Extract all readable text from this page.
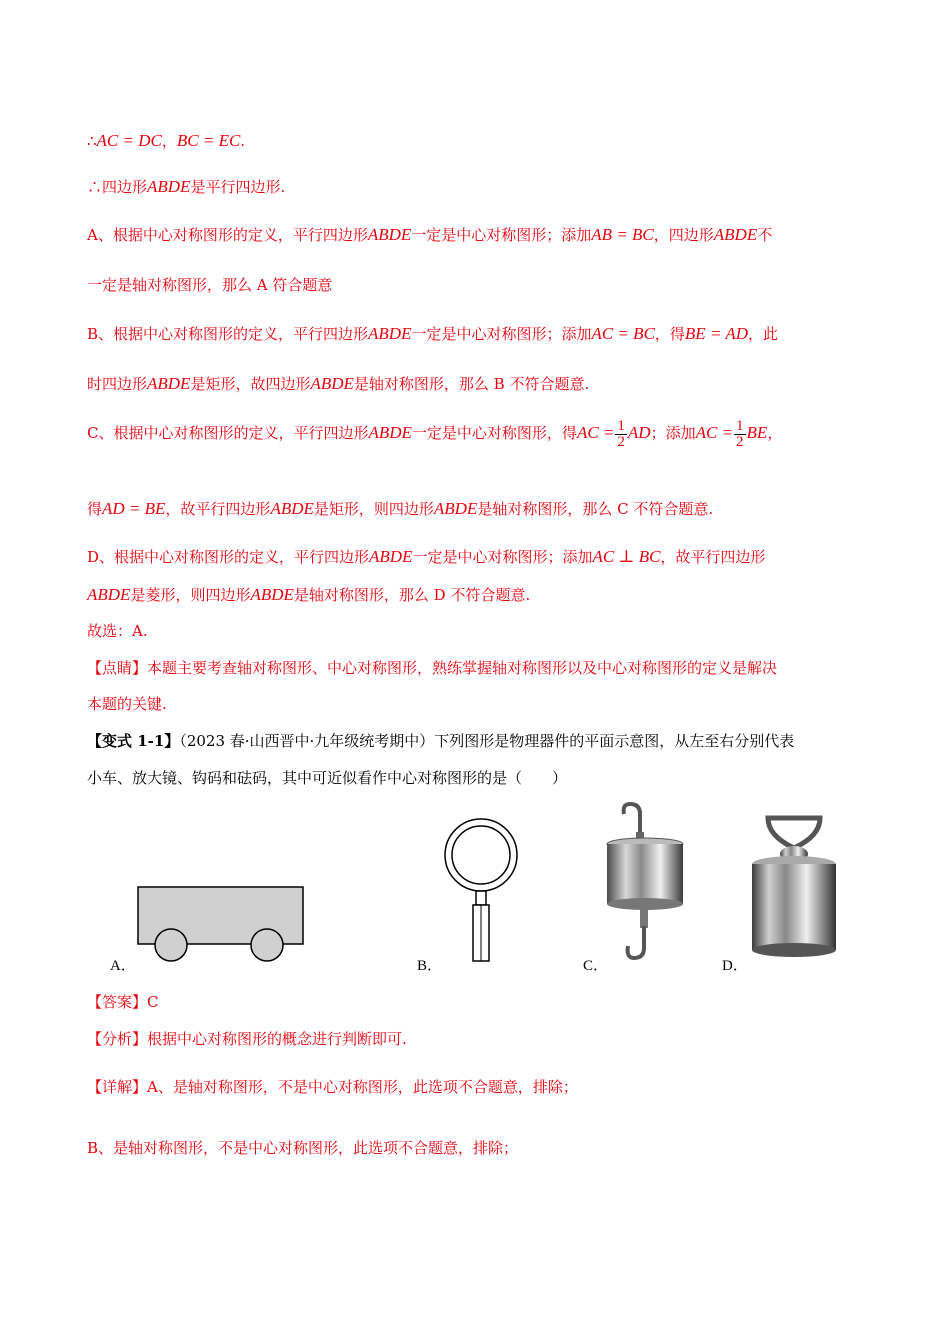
∴AC = DC，BC = EC.
∴四边形ABDE是平行四边形.
A、根据中心对称图形的定义，平行四边形ABDE一定是中心对称图形；添加AB = BC，四边形ABDE不
一定是轴对称图形，那么 A 符合题意
B、根据中心对称图形的定义，平行四边形ABDE一定是中心对称图形；添加AC = BC，得BE = AD，此
时四边形ABDE是矩形，故四边形ABDE是轴对称图形，那么 B 不符合题意.
C、根据中心对称图形的定义，平行四边形ABDE一定是中心对称图形，得AC = $\frac{1}{2}$ AD；添加AC = $\frac{1}{2}$ BE，
得AD = BE，故平行四边形ABDE是矩形，则四边形ABDE是轴对称图形，那么 C 不符合题意.
D、根据中心对称图形的定义，平行四边形ABDE一定是中心对称图形；添加AC ⊥ BC，故平行四边形
ABDE是菱形，则四边形ABDE是轴对称图形，那么 D 不符合题意.
故选：A.
【点睛】本题主要考查轴对称图形、中心对称图形，熟练掌握轴对称图形以及中心对称图形的定义是解决
本题的关键.
【变式 1-1】（2023 春·山西晋中·九年级统考期中）下列图形是物理器件的平面示意图，从左至右分别代表
小车、放大镜、钩码和砝码，其中可近似看作中心对称图形的是（　　）
A．	B．	C．	D．
【答案】C
【分析】根据中心对称图形的概念进行判断即可.
【详解】A、是轴对称图形，不是中心对称图形，此选项不合题意，排除；
B、是轴对称图形，不是中心对称图形，此选项不合题意，排除；
